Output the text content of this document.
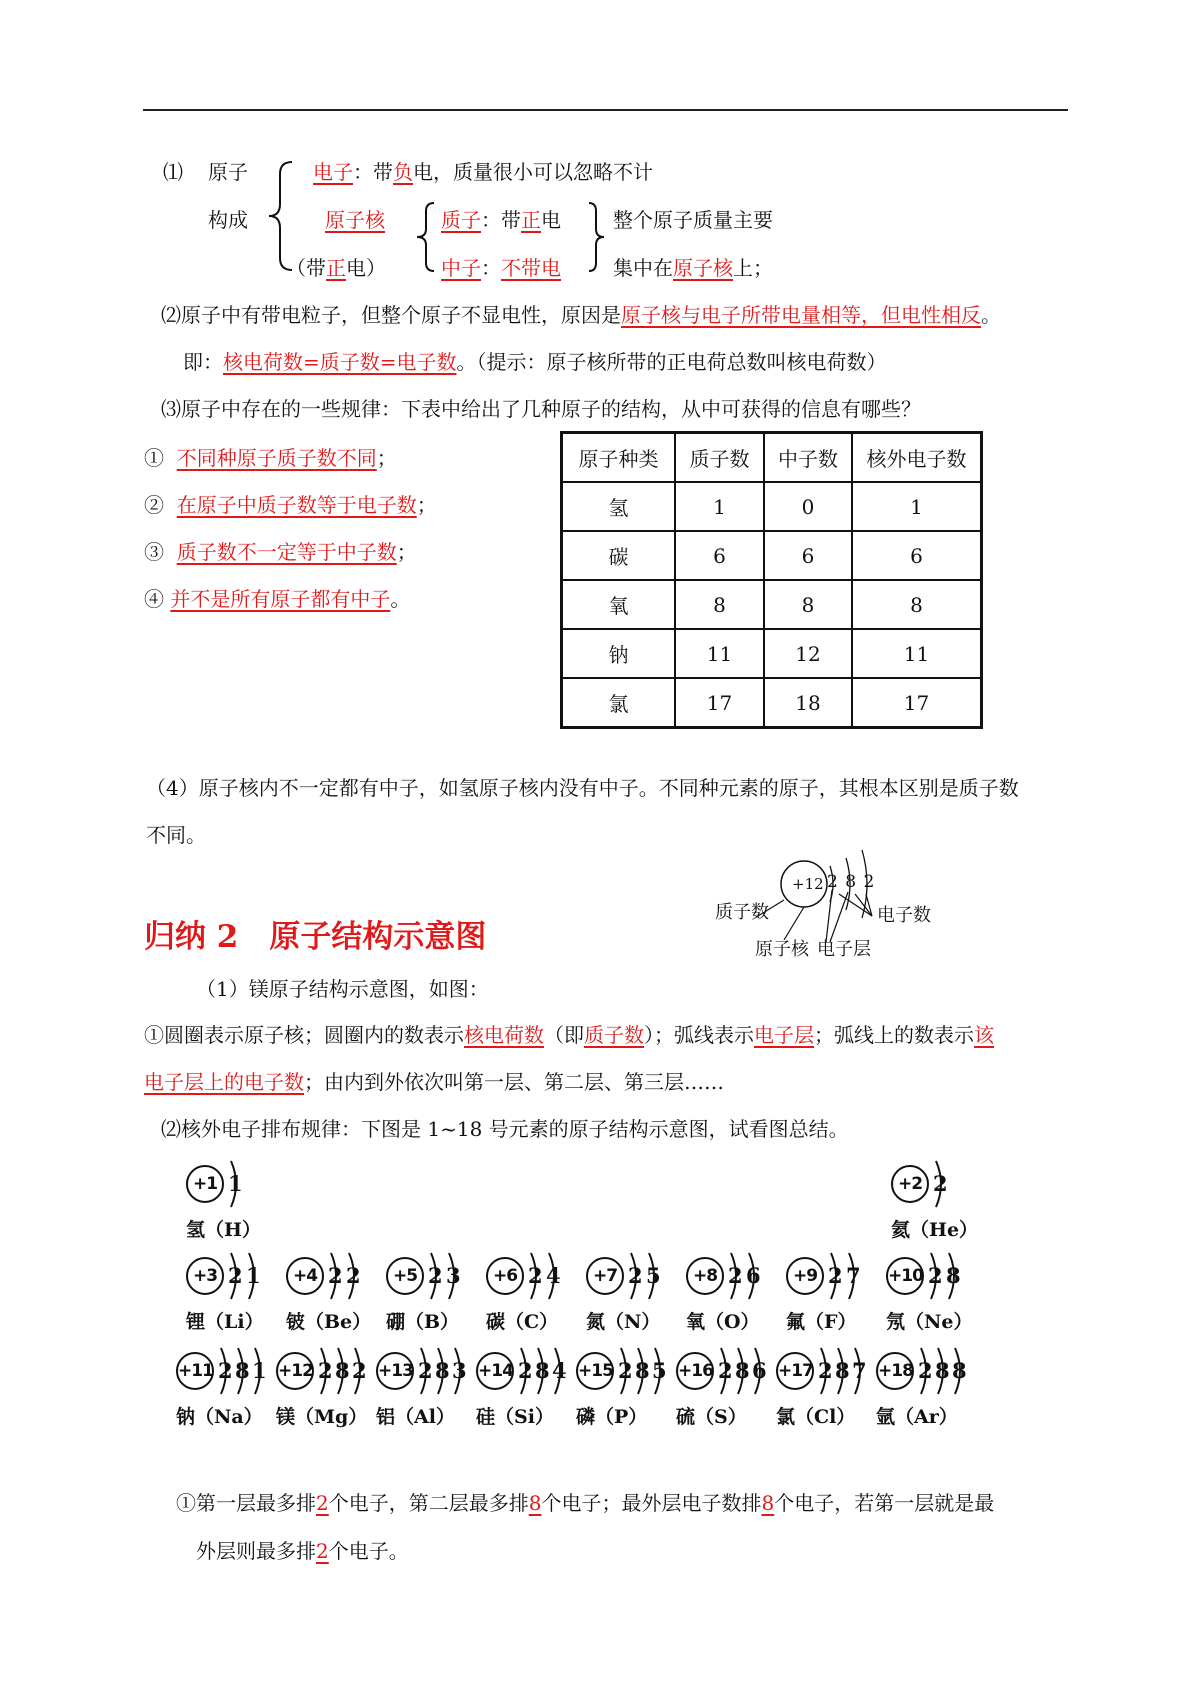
⑴ 原子
构成
电子：带负电，质量很小可以忽略不计
原子核
（带正电）
质子：带正电
中子：不带电
整个原子质量主要
集中在原子核上；
⑵原子中有带电粒子，但整个原子不显电性，原因是原子核与电子所带电量相等，但电性相反。
即：核电荷数=质子数=电子数。（提示：原子核所带的正电荷总数叫核电荷数）
⑶原子中存在的一些规律：下表中给出了几种原子的结构，从中可获得的信息有哪些？
① 不同种原子质子数不同；
② 在原子中质子数等于电子数；
③ 质子数不一定等于中子数；
④ 并不是所有原子都有中子。
原子种类	质子数	中子数	核外电子数
氢	1	0	1
碳	6	6	6
氧	8	8	8
钠	11	12	11
氯	17	18	17
（4）原子核内不一定都有中子，如氢原子核内没有中子。不同种元素的原子，其根本区别是质子数
不同。
归纳 2　原子结构示意图
+12 2 8 2
质子数	电子数
原子核 电子层
（1）镁原子结构示意图，如图：
①圆圈表示原子核；圆圈内的数表示核电荷数（即质子数）；弧线表示电子层；弧线上的数表示该
电子层上的电子数；由内到外依次叫第一层、第二层、第三层……
⑵核外电子排布规律：下图是 1~18 号元素的原子结构示意图，试看图总结。
+1 1
氢（H）
+2 2
氦（He）
+3 2 1
锂（Li）
+4 2 2
铍（Be）
+5 2 3
硼（B）
+6 2 4
碳（C）
+7 2 5
氮（N）
+8 2 6
氧（O）
+9 2 7
氟（F）
+10 2 8
氖（Ne）
+11 2 8 1
钠（Na）
+12 2 8 2
镁（Mg）
+13 2 8 3
铝（Al）
+14 2 8 4
硅（Si）
+15 2 8 5
磷（P）
+16 2 8 6
硫（S）
+17 2 8 7
氯（Cl）
+18 2 8 8
氩（Ar）
①第一层最多排2个电子，第二层最多排8个电子；最外层电子数排8个电子，若第一层就是最
外层则最多排2个电子。
